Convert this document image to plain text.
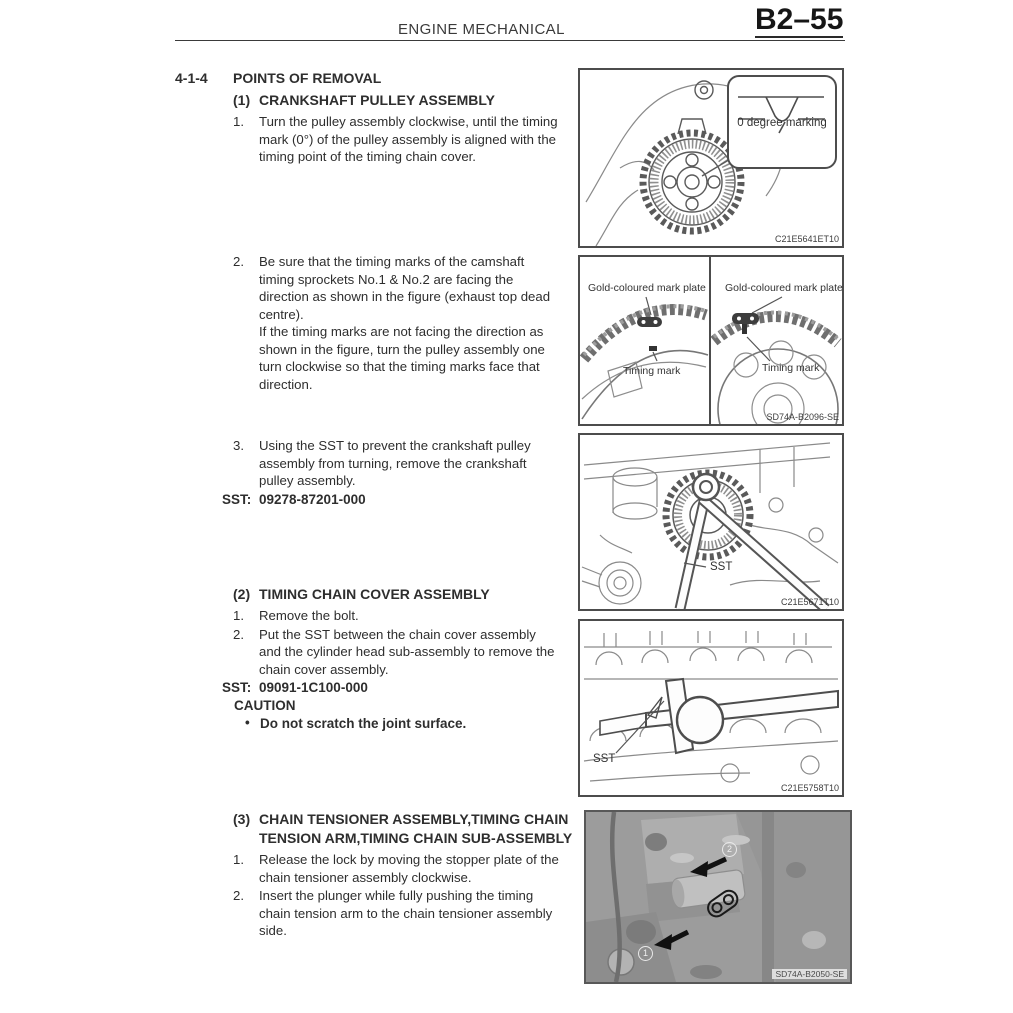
ENGINE MECHANICAL	B2–55
4-1-4 POINTS OF REMOVAL
(1) CRANKSHAFT PULLEY ASSEMBLY
1. Turn the pulley assembly clockwise, until the timing mark (0°) of the pulley assembly is aligned with the timing point of the timing chain cover.
2. Be sure that the timing marks of the camshaft timing sprockets No.1 & No.2 are facing the direction as shown in the figure (exhaust top dead centre).
If the timing marks are not facing the direction as shown in the figure, turn the pulley assembly one turn clockwise so that the timing marks face that direction.
3. Using the SST to prevent the crankshaft pulley assembly from turning, remove the crankshaft pulley assembly.
SST: 09278-87201-000
(2) TIMING CHAIN COVER ASSEMBLY
1. Remove the bolt.
2. Put the SST between the chain cover assembly and the cylinder head sub-assembly to remove the chain cover assembly.
SST: 09091-1C100-000
CAUTION
• Do not scratch the joint surface.
(3) CHAIN TENSIONER ASSEMBLY,TIMING CHAIN TENSION ARM,TIMING CHAIN SUB-ASSEMBLY
1. Release the lock by moving the stopper plate of the chain tensioner assembly clockwise.
2. Insert the plunger while fully pushing the timing chain tension arm to the chain tensioner assembly side.
0 degree marking
C21E5641ET10
Gold-coloured mark plate Gold-coloured mark plate
Timing mark	Timing mark
SD74A-B2096-SE
SST
C21E5671T10
SST
C21E5758T10
2
1
SD74A-B2050-SE
